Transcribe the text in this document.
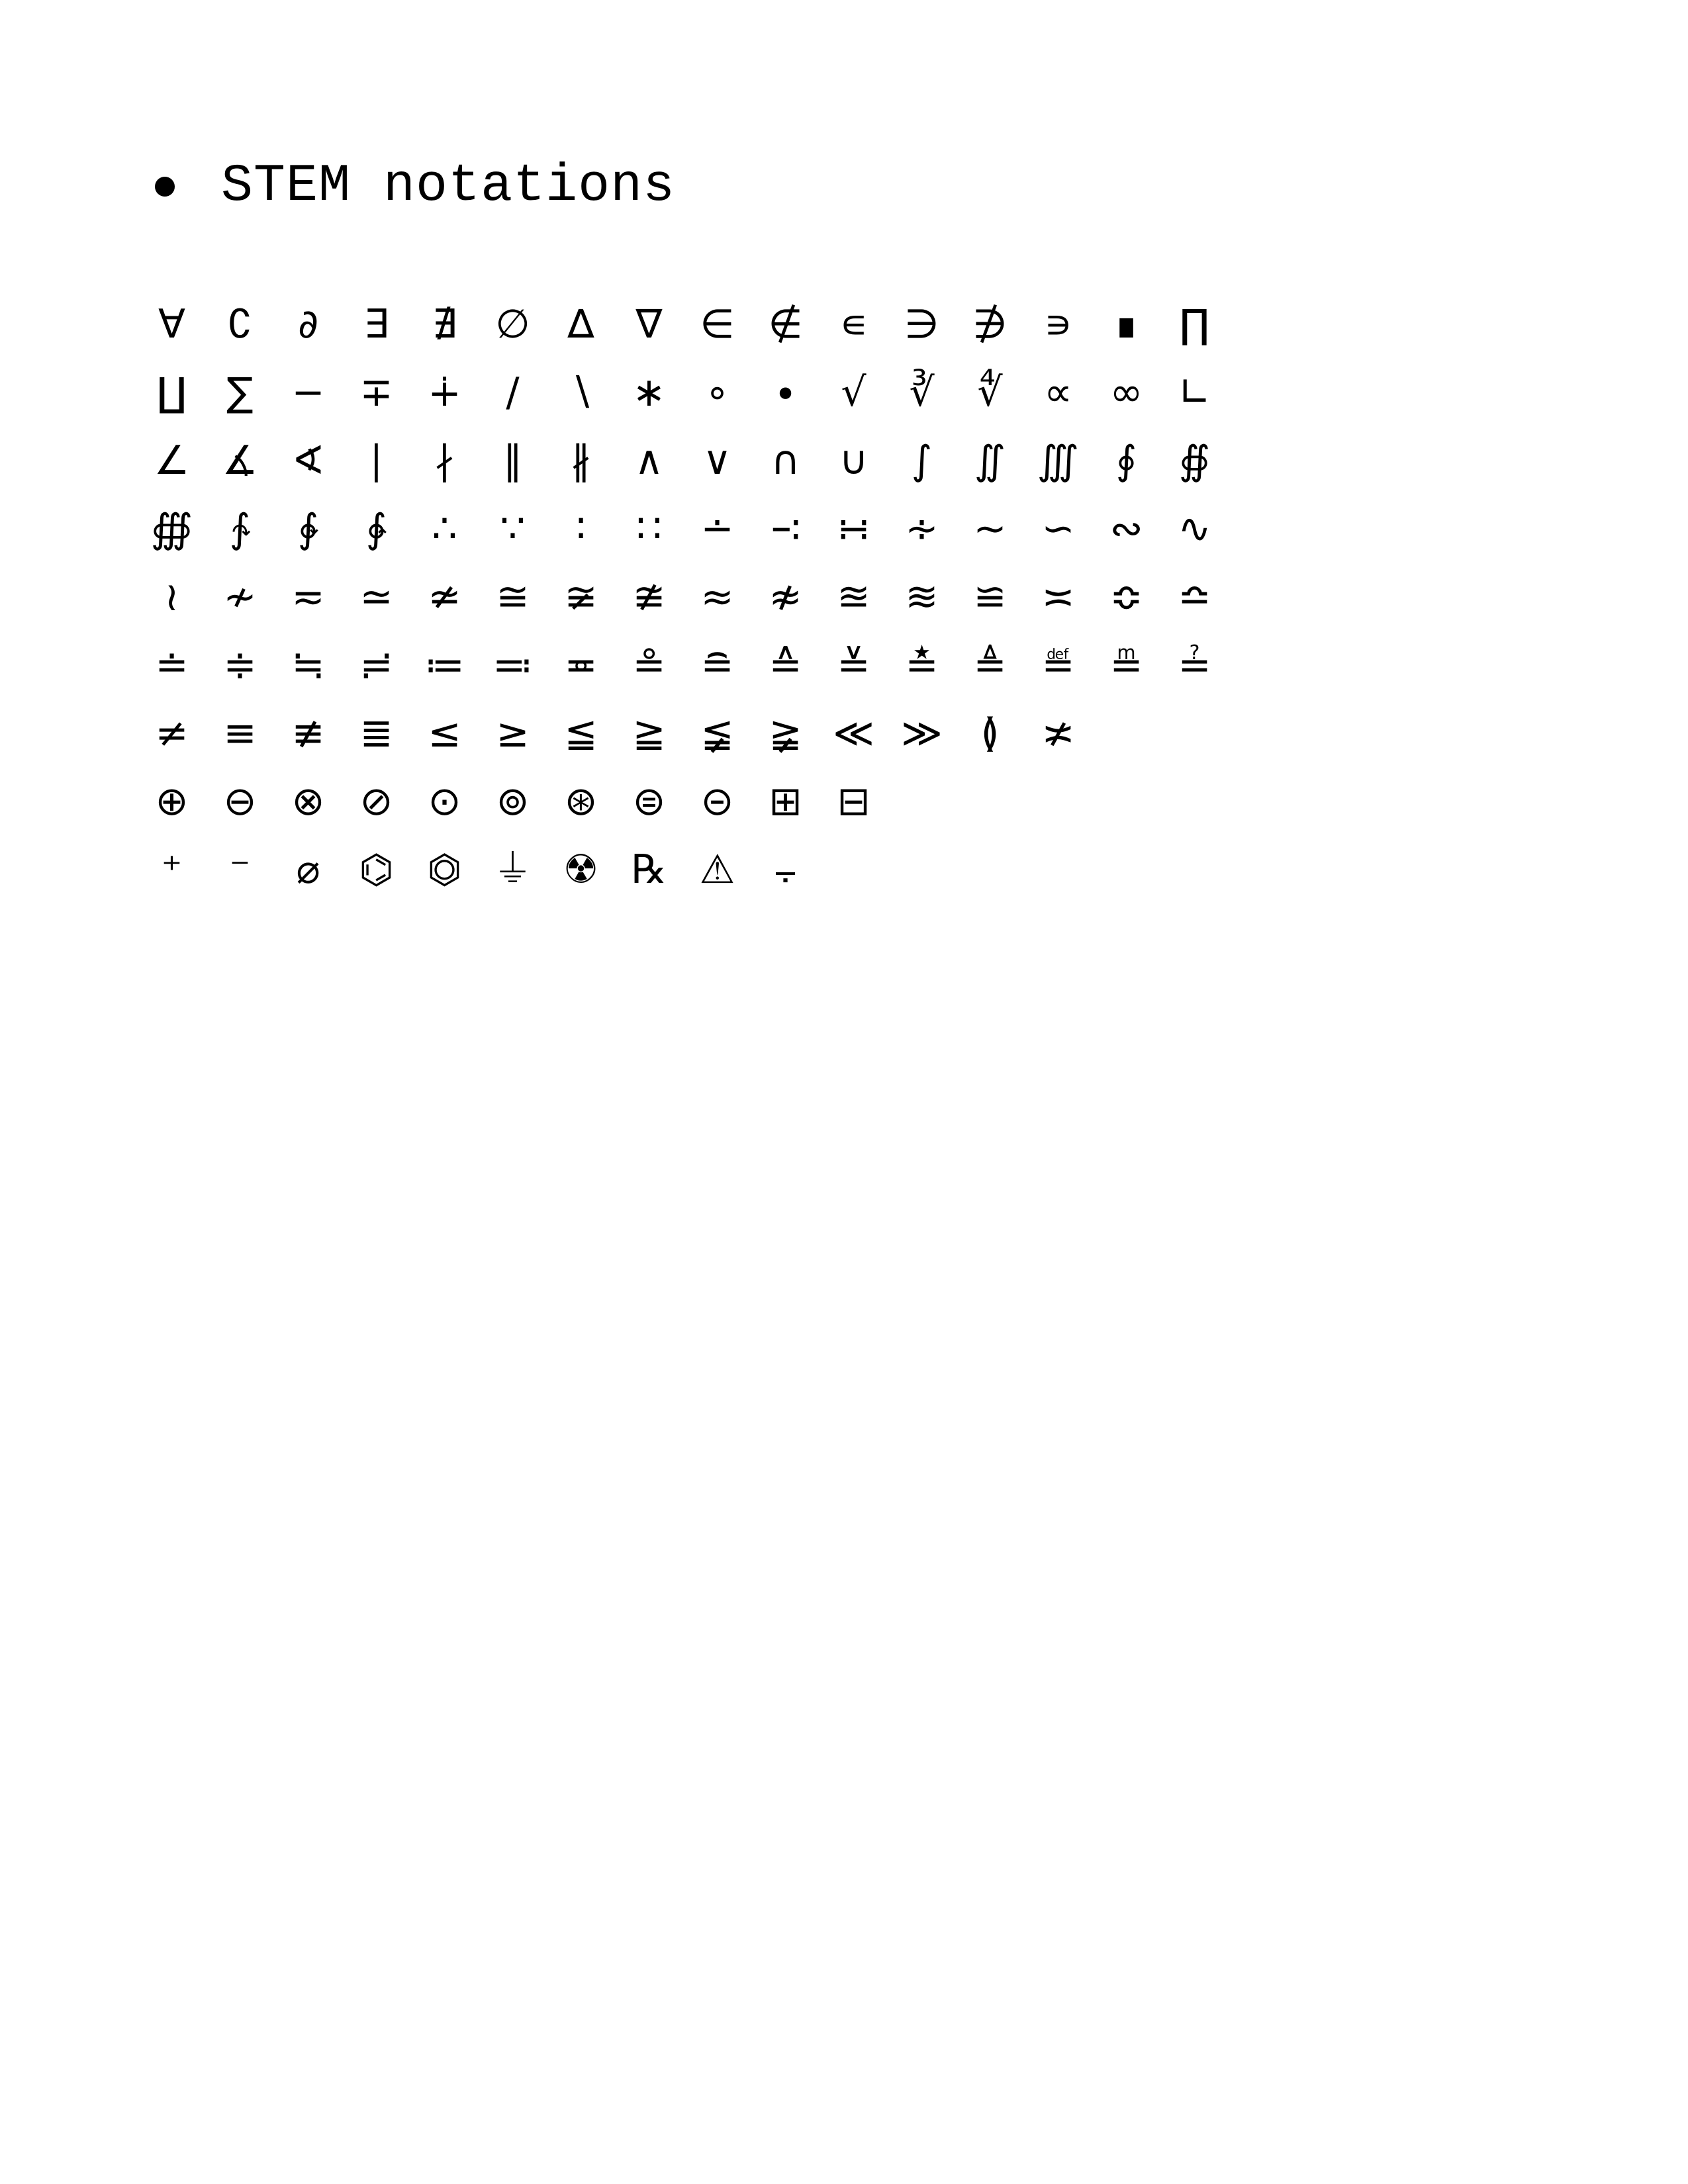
STEM notations
∀	∁	∂	∃	∄ ∅ ∆	∇ ∈ ∉ ∊ ∋ ∌ ∍	∎	∏
∐	∑ − ∓ ∔	∕	∖ ∗ ∘	∙	√	∛	∜	∝ ∞ ∟
∠ ∡ ∢	∣	∤	∥	∦	∧ ∨ ∩ ∪	∫	∬ ∭ ∮	∯
∰ ∱	∲	∳	∴	∵	∶	∷ ∸ ∹ ∺ ∻ ∼ ∽ ∾ ∿
≀	≁ ≂ ≃ ≄ ≅ ≆ ≇ ≈ ≉ ≊ ≋ ≌ ≍ ≎ ≏
≐ ≑ ≒ ≓ ≔ ≕ ≖ ≗ ≘ ≙ ≚ ≛ ≜ ≝ ≞ ≟
≠ ≡ ≢ ≣ ≤ ≥ ≦ ≧ ≨ ≩ ≪ ≫ ≬	≭
⊕ ⊖ ⊗ ⊘ ⊙ ⊚ ⊛ ⊜ ⊝ ⊞ ⊟
⁺	⁻	⌀ ⌬ ⏣ ⏚ ☢ ℞ ⚠ ⨪
